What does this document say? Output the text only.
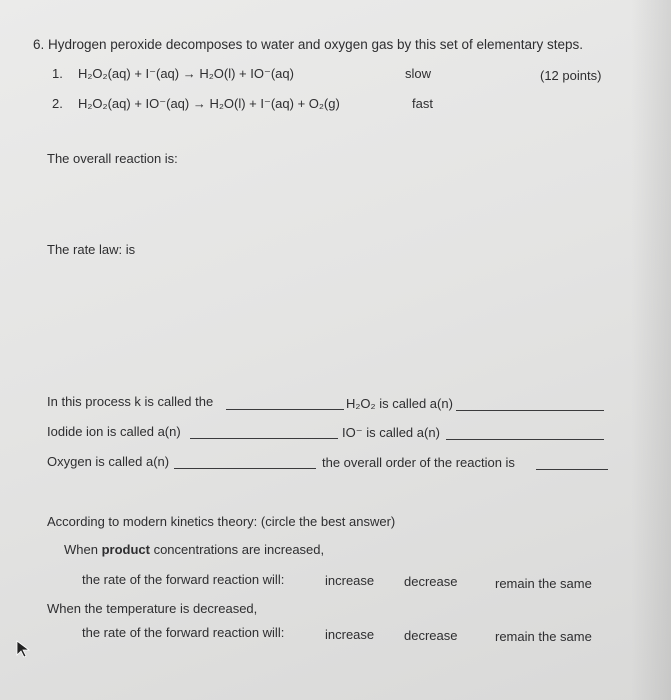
6. Hydrogen peroxide decomposes to water and oxygen gas by this set of elementary steps.
1. H₂O₂(aq) + I⁻(aq) → H₂O(l) + IO⁻(aq)	slow	(12 points)
2. H₂O₂(aq) + IO⁻(aq) → H₂O(l) + I⁻(aq) + O₂(g)	fast
The overall reaction is:
The rate law: is
In this process k is called the	H₂O₂ is called a(n)
Iodide ion is called a(n)	IO⁻ is called a(n)
Oxygen is called a(n)	the overall order of the reaction is
According to modern kinetics theory: (circle the best answer)
When product concentrations are increased,
the rate of the forward reaction will:	increase decrease	remain the same
When the temperature is decreased,
the rate of the forward reaction will:	increase decrease	remain the same
